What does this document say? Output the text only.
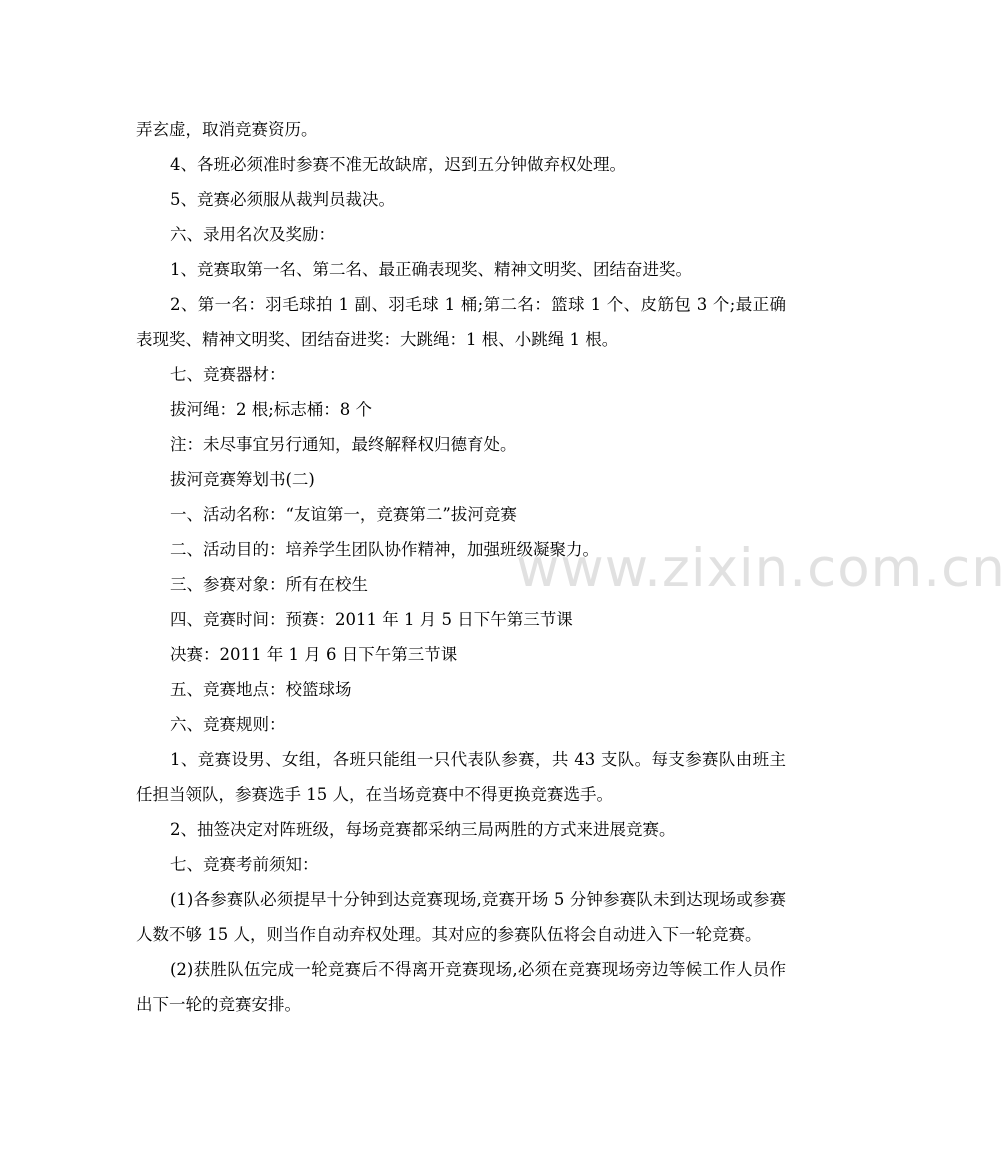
弄玄虚，取消竞赛资历。

4、各班必须准时参赛不准无故缺席，迟到五分钟做弃权处理。

5、竞赛必须服从裁判员裁决。

六、录用名次及奖励：

1、竞赛取第一名、第二名、最正确表现奖、精神文明奖、团结奋进奖。

2、第一名：羽毛球拍 1 副、羽毛球 1 桶;第二名：篮球 1 个、皮筋包 3 个;最正确表现奖、精神文明奖、团结奋进奖：大跳绳：1 根、小跳绳 1 根。

七、竞赛器材：

拔河绳：2 根;标志桶：8 个

注：未尽事宜另行通知，最终解释权归德育处。

拔河竞赛筹划书(二)

一、活动名称：“友谊第一，竞赛第二”拔河竞赛

二、活动目的：培养学生团队协作精神，加强班级凝聚力。

三、参赛对象：所有在校生

四、竞赛时间：预赛：2011 年 1 月 5 日下午第三节课

决赛：2011 年 1 月 6 日下午第三节课

五、竞赛地点：校篮球场

六、竞赛规则：

1、竞赛设男、女组，各班只能组一只代表队参赛，共 43 支队。每支参赛队由班主任担当领队，参赛选手 15 人，在当场竞赛中不得更换竞赛选手。

2、抽签决定对阵班级，每场竞赛都采纳三局两胜的方式来进展竞赛。

七、竞赛考前须知：

(1)各参赛队必须提早十分钟到达竞赛现场,竞赛开场 5 分钟参赛队未到达现场或参赛人数不够 15 人，则当作自动弃权处理。其对应的参赛队伍将会自动进入下一轮竞赛。

(2)获胜队伍完成一轮竞赛后不得离开竞赛现场,必须在竞赛现场旁边等候工作人员作出下一轮的竞赛安排。

www.zixin.com.cn
